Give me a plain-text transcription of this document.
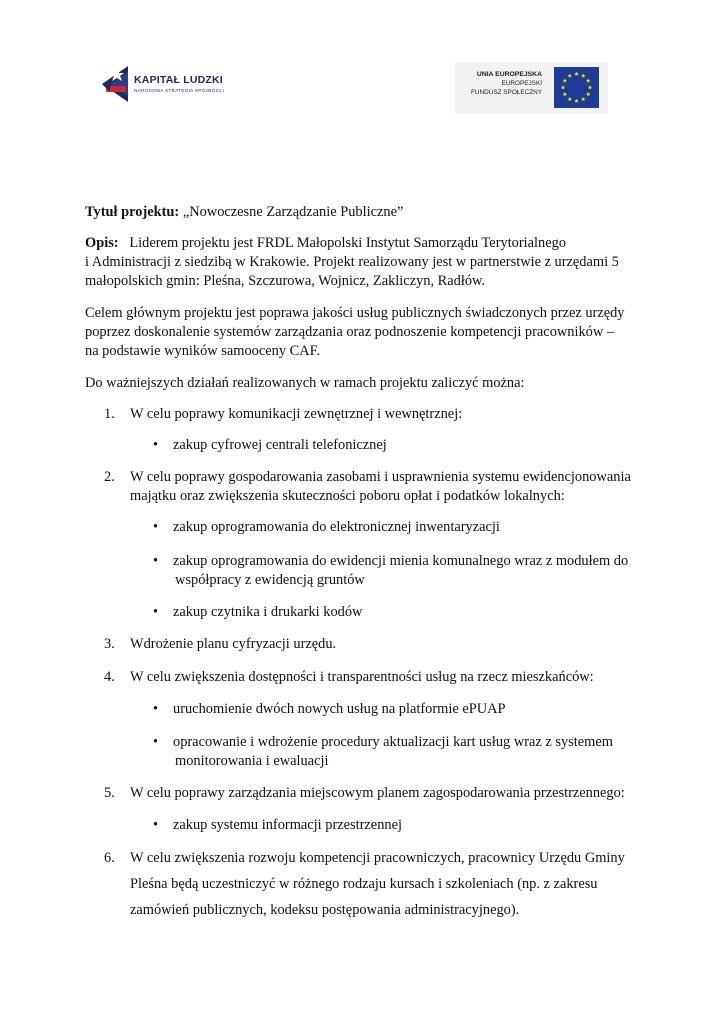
KAPITAŁ LUDZKI
NARODOWA STRATEGIA SPÓJNOŚCI
UNIA EUROPEJSKA
EUROPEJSKI
FUNDUSZ SPOŁECZNY

Tytuł projektu: „Nowoczesne Zarządzanie Publiczne”

Opis: Liderem projektu jest FRDL Małopolski Instytut Samorządu Terytorialnego
i Administracji z siedzibą w Krakowie. Projekt realizowany jest w partnerstwie z urzędami 5
małopolskich gmin: Pleśna, Szczurowa, Wojnicz, Zakliczyn, Radłów.
Celem głównym projektu jest poprawa jakości usług publicznych świadczonych przez urzędy
poprzez doskonalenie systemów zarządzania oraz podnoszenie kompetencji pracowników –
na podstawie wyników samooceny CAF.
Do ważniejszych działań realizowanych w ramach projektu zaliczyć można:
1. W celu poprawy komunikacji zewnętrznej i wewnętrznej:
• zakup cyfrowej centrali telefonicznej
2. W celu poprawy gospodarowania zasobami i usprawnienia systemu ewidencjonowania
majątku oraz zwiększenia skuteczności poboru opłat i podatków lokalnych:
• zakup oprogramowania do elektronicznej inwentaryzacji
• zakup oprogramowania do ewidencji mienia komunalnego wraz z modułem do
współpracy z ewidencją gruntów
• zakup czytnika i drukarki kodów
3. Wdrożenie planu cyfryzacji urzędu.
4. W celu zwiększenia dostępności i transparentności usług na rzecz mieszkańców:
• uruchomienie dwóch nowych usług na platformie ePUAP
• opracowanie i wdrożenie procedury aktualizacji kart usług wraz z systemem
monitorowania i ewaluacji
5. W celu poprawy zarządzania miejscowym planem zagospodarowania przestrzennego:
• zakup systemu informacji przestrzennej
6. W celu zwiększenia rozwoju kompetencji pracowniczych, pracownicy Urzędu Gminy
Pleśna będą uczestniczyć w różnego rodzaju kursach i szkoleniach (np. z zakresu
zamówień publicznych, kodeksu postępowania administracyjnego).
